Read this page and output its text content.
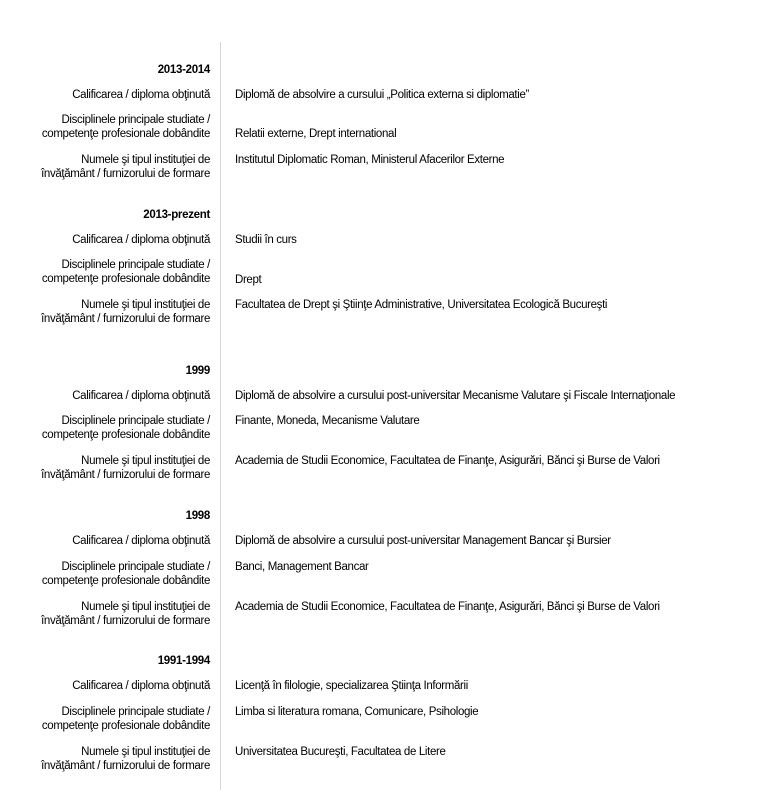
2013-2014
Calificarea / diploma obţinută Diplomă de absolvire a cursului „Politica externa si diplomatie”
Disciplinele principale studiate /
competenţe profesionale dobândite Relatii externe, Drept international
Numele şi tipul instituţiei de
învăţământ / furnizorului de formare
Institutul Diplomatic Roman, Ministerul Afacerilor Externe
2013-prezent
Calificarea / diploma obţinută Studii în curs
Disciplinele principale studiate /
competenţe profesionale dobândite Drept
Numele şi tipul instituţiei de
învăţământ / furnizorului de formare
Facultatea de Drept şi Ştiinţe Administrative, Universitatea Ecologică Bucureşti
1999
Calificarea / diploma obţinută Diplomă de absolvire a cursului post-universitar Mecanisme Valutare şi Fiscale Internaţionale
Disciplinele principale studiate /
competenţe profesionale dobândite
Finante, Moneda, Mecanisme Valutare
Numele şi tipul instituţiei de
învăţământ / furnizorului de formare
Academia de Studii Economice, Facultatea de Finanţe, Asigurări, Bănci şi Burse de Valori
1998
Calificarea / diploma obţinută Diplomă de absolvire a cursului post-universitar Management Bancar şi Bursier
Disciplinele principale studiate /
competenţe profesionale dobândite
Banci, Management Bancar
Numele şi tipul instituţiei de
învăţământ / furnizorului de formare
Academia de Studii Economice, Facultatea de Finanţe, Asigurări, Bănci şi Burse de Valori
1991-1994
Calificarea / diploma obţinută Licenţă în filologie, specializarea Ştiinţa Informării
Disciplinele principale studiate /
competenţe profesionale dobândite
Limba si literatura romana, Comunicare, Psihologie
Numele şi tipul instituţiei de
învăţământ / furnizorului de formare
Universitatea Bucureşti, Facultatea de Litere
